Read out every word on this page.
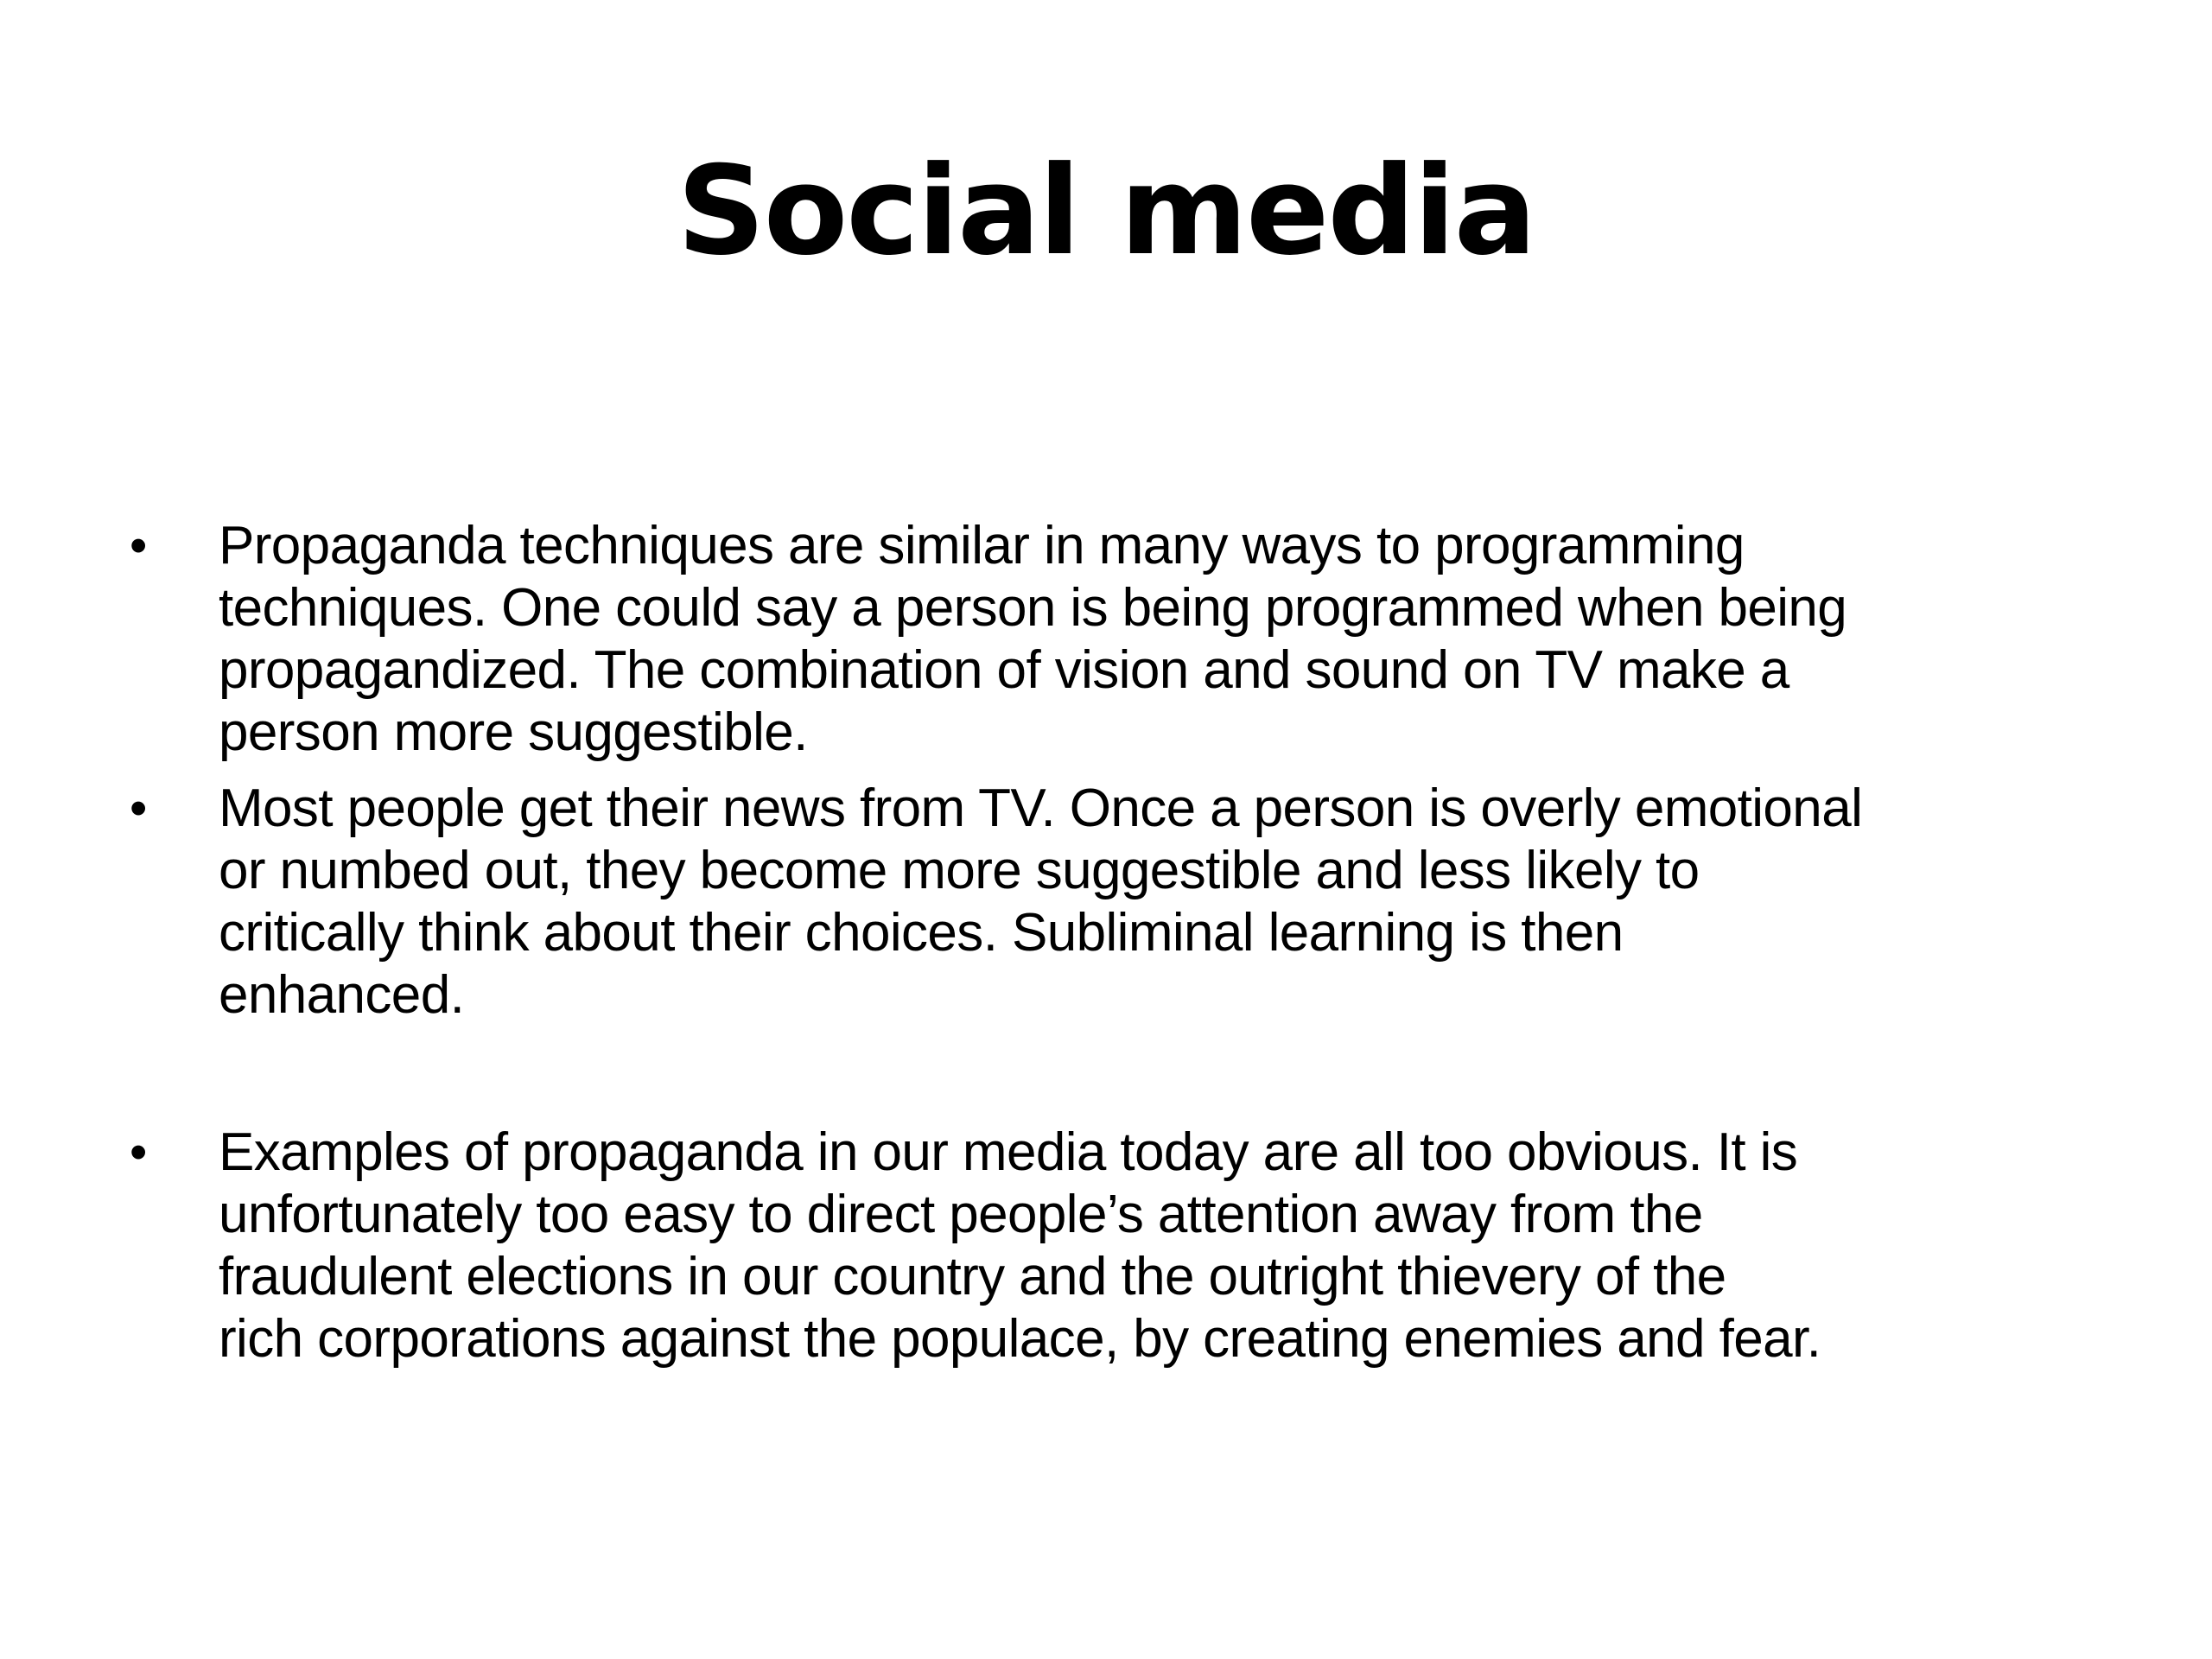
Social media
•	Propaganda techniques are similar in many ways to programming
techniques. One could say a person is being programmed when being
propagandized. The combination of vision and sound on TV make a
person more suggestible.
•	Most people get their news from TV. Once a person is overly emotional
or numbed out, they become more suggestible and less likely to
critically think about their choices. Subliminal learning is then
enhanced.
•	Examples of propaganda in our media today are all too obvious. It is
unfortunately too easy to direct people’s attention away from the
fraudulent elections in our country and the outright thievery of the
rich corporations against the populace, by creating enemies and fear.
